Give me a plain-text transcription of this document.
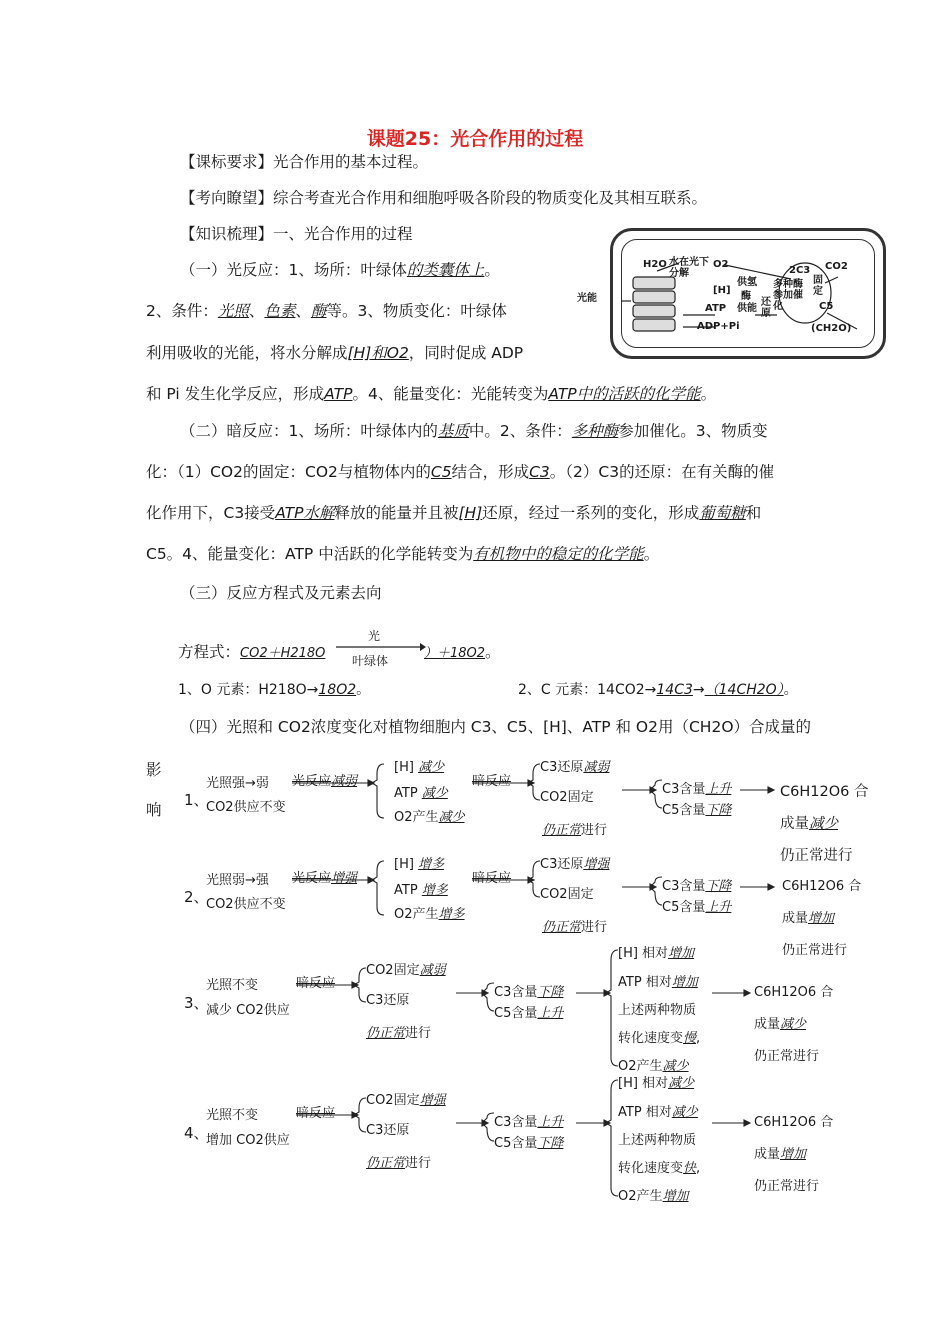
课题25：光合作用的过程
【课标要求】光合作用的基本过程。
【考向瞭望】综合考查光合作用和细胞呼吸各阶段的物质变化及其相互联系。
【知识梳理】一、光合作用的过程
（一）光反应：1、场所：叶绿体的类囊体上。
2、条件：光照、色素、酶等。3、物质变化：叶绿体
利用吸收的光能，将水分解成[H]和O2，同时促成 ADP
和 Pi 发生化学反应，形成ATP。4、能量变化：光能转变为ATP中的活跃的化学能。
H2O 水在光下分解
O2
[H]
供氢
酶
供能
光能
ATP
ADP+Pi
2C3 CO2
固定
多种酶参加催化
还原
C5
(CH2O)
（二）暗反应：1、场所：叶绿体内的基质中。2、条件：多种酶参加催化。3、物质变
化：（1）CO2的固定：CO2与植物体内的C5结合，形成C3。（2）C3的还原：在有关酶的催
化作用下，C3接受ATP水解释放的能量并且被[H]还原，经过一系列的变化，形成葡萄糖和
C5。4、能量变化：ATP 中活跃的化学能转变为有机物中的稳定的化学能。
（三）反应方程式及元素去向
方程式：CO2＋H218O
光
叶绿体	）＋18O2。
1、O 元素：H218O→18O2。	2、C 元素：14CO2→14C3→（14CH2O）。
（四）光照和 CO2浓度变化对植物细胞内 C3、C5、[H]、ATP 和 O2用（CH2O）合成量的
影
响
1、
光照强→弱
CO2供应不变
光反应减弱
[H] 减少
ATP 减少
O2产生减少
暗反应
C3还原减弱
CO2固定
仍正常进行
C3含量上升
C5含量下降
C6H12O6 合
成量减少
仍正常进行
2、
光照弱→强
CO2供应不变
光反应增强
[H] 增多
ATP 增多
O2产生增多
暗反应
C3还原增强
CO2固定
仍正常进行
C3含量下降
C5含量上升
C6H12O6 合
成量增加
仍正常进行
3、
光照不变
减少 CO2供应
暗反应
CO2固定减弱
C3还原
仍正常进行
C3含量下降
C5含量上升
[H] 相对增加
ATP 相对增加
上述两种物质
转化速度变慢,
O2产生减少
C6H12O6 合
成量减少
仍正常进行
4、
光照不变
增加 CO2供应
暗反应
CO2固定增强
C3还原
仍正常进行
C3含量上升
C5含量下降
[H] 相对减少
ATP 相对减少
上述两种物质
转化速度变快,
O2产生增加
C6H12O6 合
成量增加
仍正常进行
